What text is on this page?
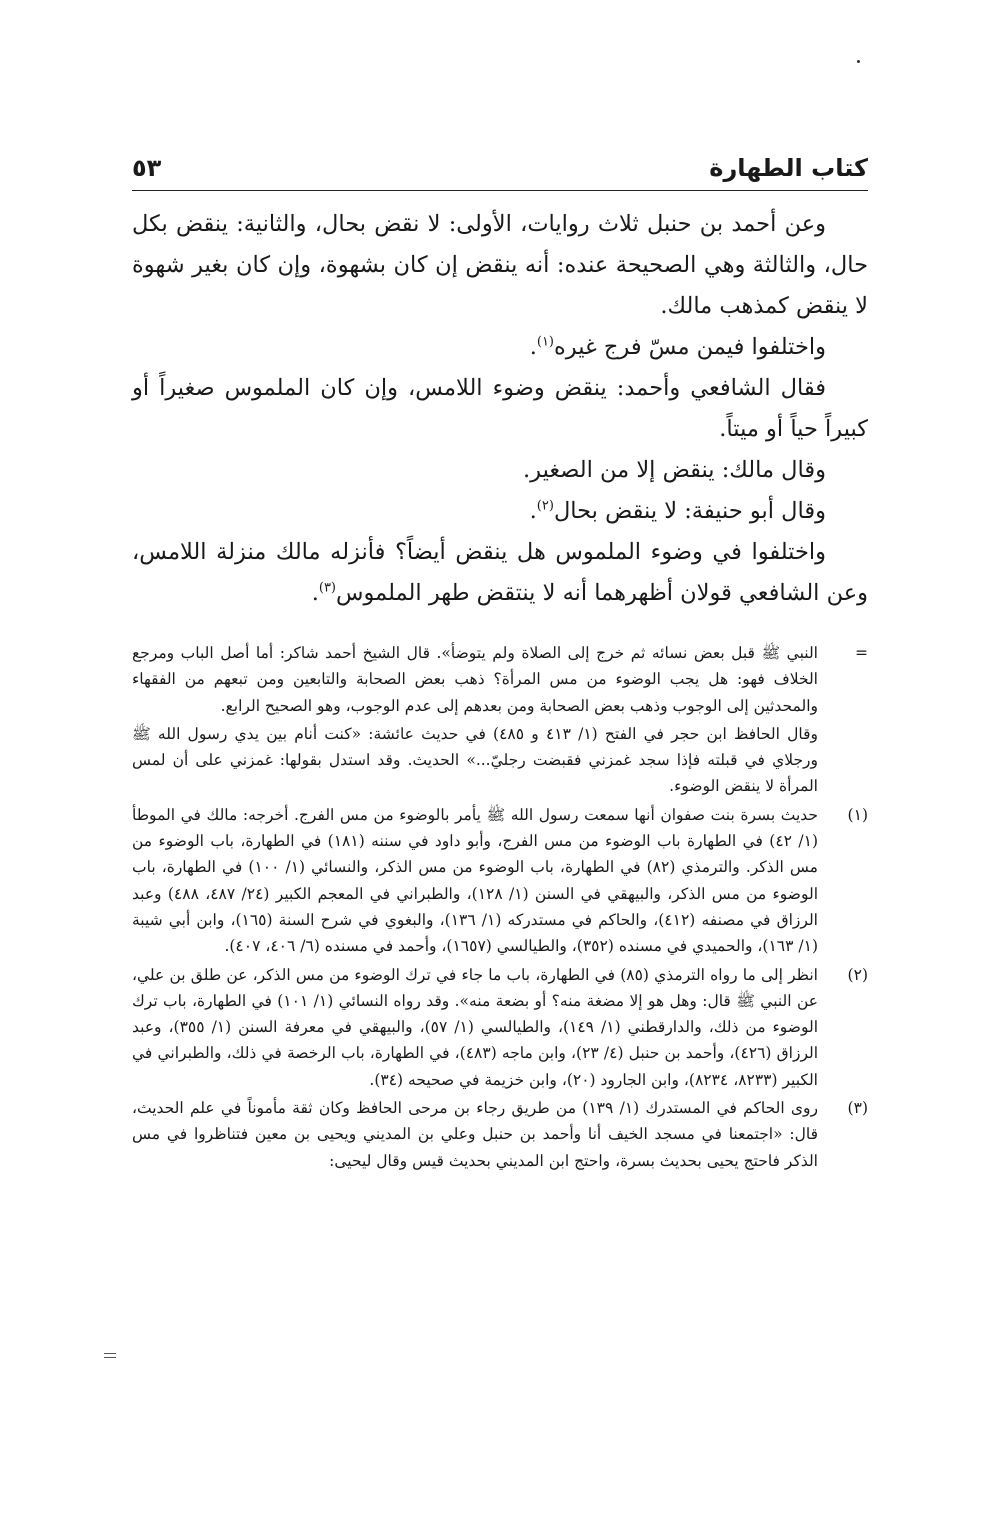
كتاب الطهارة
٥٣

وعن أحمد بن حنبل ثلاث روايات، الأولى: لا نقض بحال، والثانية: ينقض بكل حال، والثالثة وهي الصحيحة عنده: أنه ينقض إن كان بشهوة، وإن كان بغير شهوة لا ينقض كمذهب مالك.

واختلفوا فيمن مسّ فرج غيره$^{(١)}$.

فقال الشافعي وأحمد: ينقض وضوء اللامس، وإن كان الملموس صغيراً أو كبيراً حياً أو ميتاً.

وقال مالك: ينقض إلا من الصغير.

وقال أبو حنيفة: لا ينقض بحال$^{(٢)}$.

واختلفوا في وضوء الملموس هل ينقض أيضاً؟ فأنزله مالك منزلة اللامس، وعن الشافعي قولان أظهرهما أنه لا ينتقض طهر الملموس$^{(٣)}$.

=
النبي ﷺ قبل بعض نسائه ثم خرج إلى الصلاة ولم يتوضأ». قال الشيخ أحمد شاكر: أما أصل الباب ومرجع الخلاف فهو: هل يجب الوضوء من مس المرأة؟ ذهب بعض الصحابة والتابعين ومن تبعهم من الفقهاء والمحدثين إلى الوجوب وذهب بعض الصحابة ومن بعدهم إلى عدم الوجوب، وهو الصحيح الرابع.
وقال الحافظ ابن حجر في الفتح (١/ ٤١٣ و ٤٨٥) في حديث عائشة: «كنت أنام بين يدي رسول الله ﷺ ورجلاي في قبلته فإذا سجد غمزني فقبضت رجليّ...» الحديث. وقد استدل بقولها: غمزني على أن لمس المرأة لا ينقض الوضوء.
(١)
حديث بسرة بنت صفوان أنها سمعت رسول الله ﷺ يأمر بالوضوء من مس الفرج. أخرجه: مالك في الموطأ (١/ ٤٢) في الطهارة باب الوضوء من مس الفرج، وأبو داود في سننه (١٨١) في الطهارة، باب الوضوء من مس الذكر. والترمذي (٨٢) في الطهارة، باب الوضوء من مس الذكر، والنسائي (١/ ١٠٠) في الطهارة، باب الوضوء من مس الذكر، والبيهقي في السنن (١/ ١٢٨)، والطبراني في المعجم الكبير (٢٤/ ٤٨٧، ٤٨٨) وعبد الرزاق في مصنفه (٤١٢)، والحاكم في مستدركه (١/ ١٣٦)، والبغوي في شرح السنة (١٦٥)، وابن أبي شيبة (١/ ١٦٣)، والحميدي في مسنده (٣٥٢)، والطيالسي (١٦٥٧)، وأحمد في مسنده (٦/ ٤٠٦، ٤٠٧).
(٢)
انظر إلى ما رواه الترمذي (٨٥) في الطهارة، باب ما جاء في ترك الوضوء من مس الذكر، عن طلق بن علي، عن النبي ﷺ قال: وهل هو إلا مضغة منه؟ أو بضعة منه». وقد رواه النسائي (١/ ١٠١) في الطهارة، باب ترك الوضوء من ذلك، والدارقطني (١/ ١٤٩)، والطيالسي (١/ ٥٧)، والبيهقي في معرفة السنن (١/ ٣٥٥)، وعبد الرزاق (٤٢٦)، وأحمد بن حنبل (٤/ ٢٣)، وابن ماجه (٤٨٣)، في الطهارة، باب الرخصة في ذلك، والطبراني في الكبير (٨٢٣٣، ٨٢٣٤)، وابن الجارود (٢٠)، وابن خزيمة في صحيحه (٣٤).
(٣)
روى الحاكم في المستدرك (١/ ١٣٩) من طريق رجاء بن مرحى الحافظ وكان ثقة مأموناً في علم الحديث، قال: «اجتمعنا في مسجد الخيف أنا وأحمد بن حنبل وعلي بن المديني ويحيى بن معين فتناظروا في مس الذكر فاحتج يحيى بحديث بسرة، واحتج ابن المديني بحديث قيس وقال ليحيى:
